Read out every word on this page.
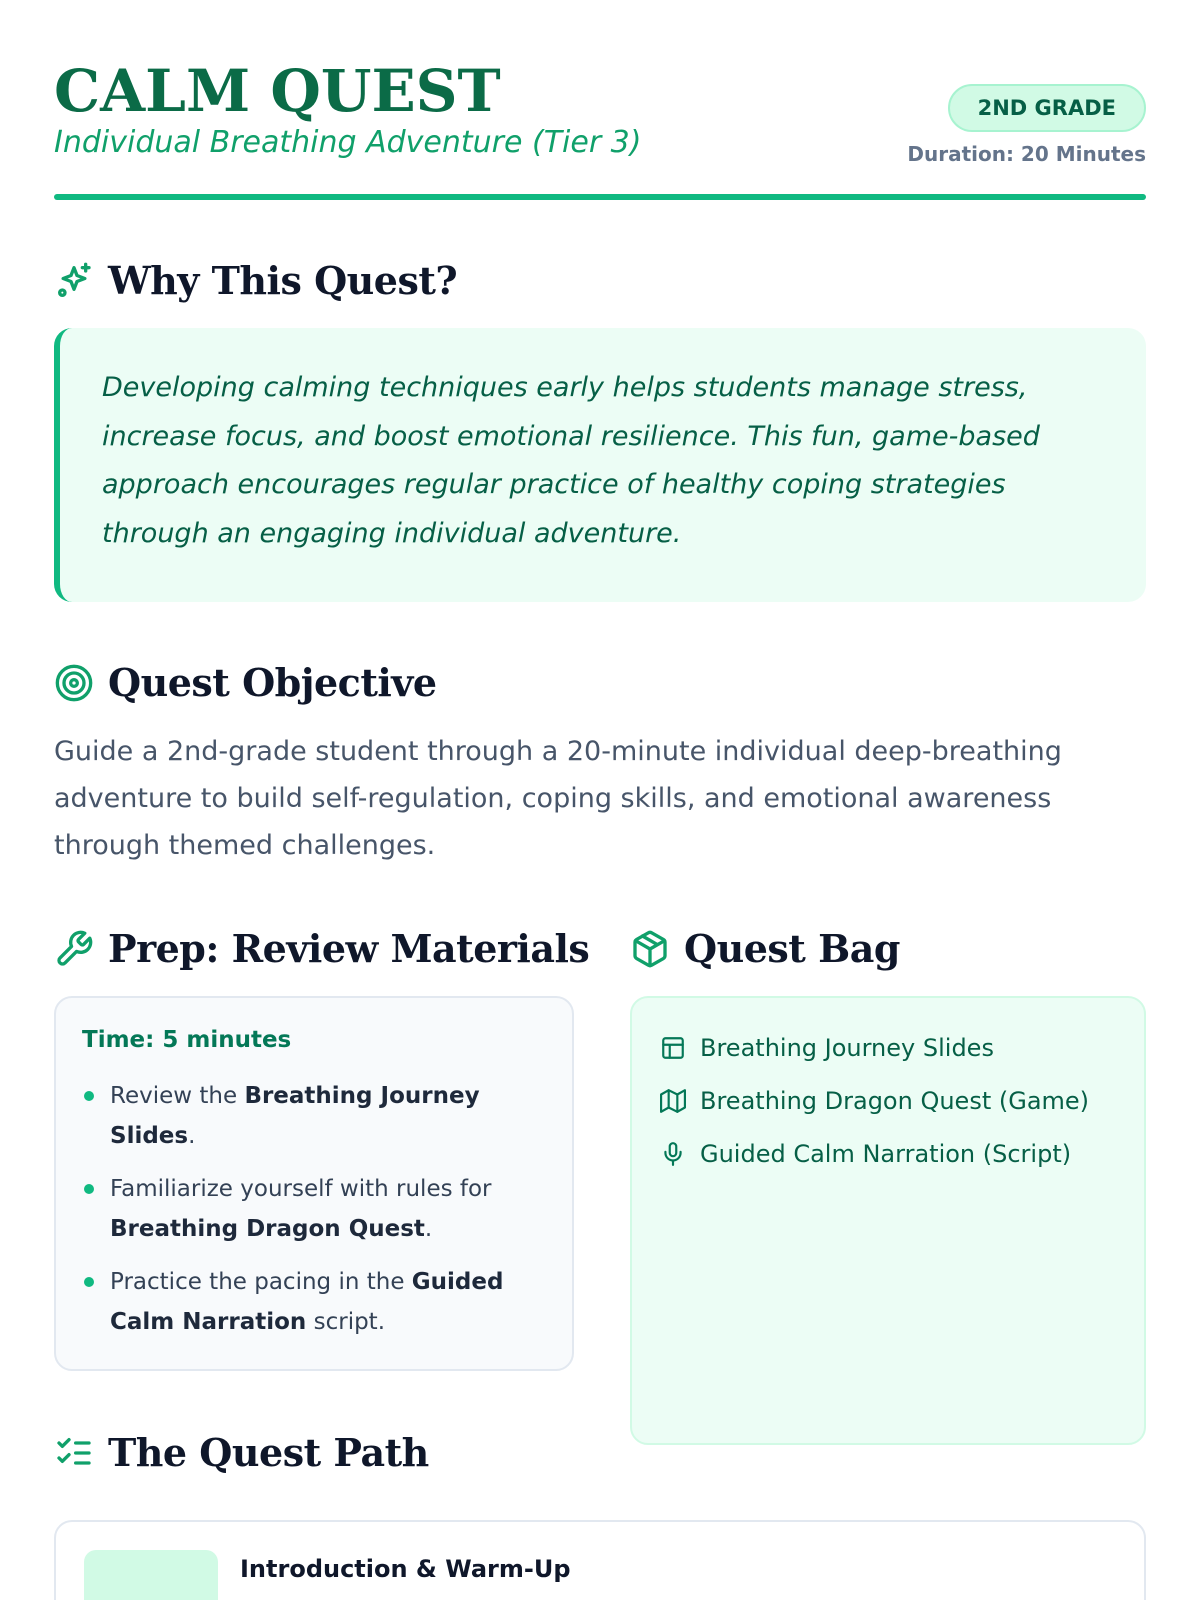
CALM QUEST
Individual Breathing Adventure (Tier 3)
2ND GRADE
Duration: 20 Minutes
Why This Quest?

Developing calming techniques early helps students manage stress, increase focus, and boost emotional resilience. This fun, game-based approach encourages regular practice of healthy coping strategies through an engaging individual adventure.

Quest Objective

Guide a 2nd-grade student through a 20-minute individual deep-breathing adventure to build self-regulation, coping skills, and emotional awareness through themed challenges.

Prep: Review Materials
Time: 5 minutes
Review the Breathing Journey Slides.
Familiarize yourself with rules for Breathing Dragon Quest.
Practice the pacing in the Guided Calm Narration script.
Quest Bag
Breathing Journey Slides
Breathing Dragon Quest (Game)
Guided Calm Narration (Script)
The Quest Path
Introduction & Warm-Up
